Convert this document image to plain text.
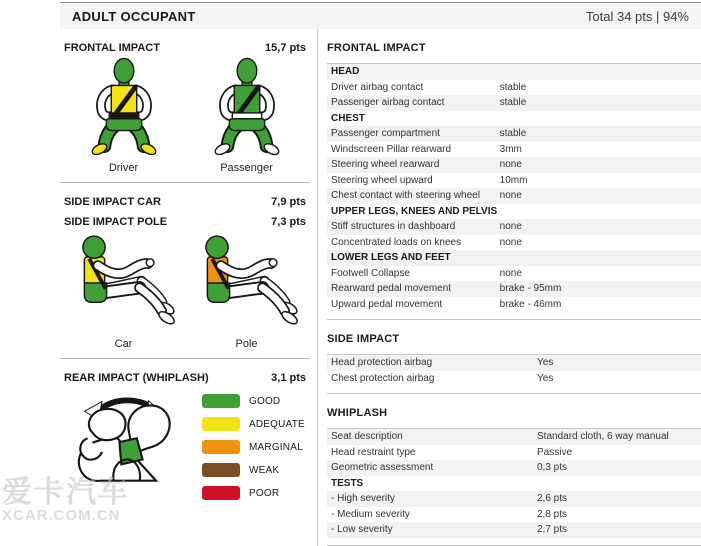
ADULT OCCUPANT	Total 34 pts | 94%
FRONTAL IMPACT	15,7 pts
Driver	Passenger
SIDE IMPACT CAR	7,9 pts
SIDE IMPACT POLE	7,3 pts
Car	Pole
REAR IMPACT (WHIPLASH)	3,1 pts
GOOD
ADEQUATE
MARGINAL
WEAK
POOR
FRONTAL IMPACT
HEAD	
Driver airbag contact	stable
Passenger airbag contact	stable
CHEST	
Passenger compartment	stable
Windscreen Pillar rearward	3mm
Steering wheel rearward	none
Steering wheel upward	10mm
Chest contact with steering wheel	none
UPPER LEGS, KNEES AND PELVIS	
Stiff structures in dashboard	none
Concentrated loads on knees	none
LOWER LEGS AND FEET	
Footwell Collapse	none
Rearward pedal movement	brake - 95mm
Upward pedal movement	brake - 46mm
SIDE IMPACT
Head protection airbag	Yes
Chest protection airbag	Yes
WHIPLASH
Seat description	Standard cloth, 6 way manual
Head restraint type	Passive
Geometric assessment	0,3 pts
TESTS	
- High severity	2,6 pts
- Medium severity	2,8 pts
- Low severity	2,7 pts
爱卡汽车
XCAR.COM.CN
